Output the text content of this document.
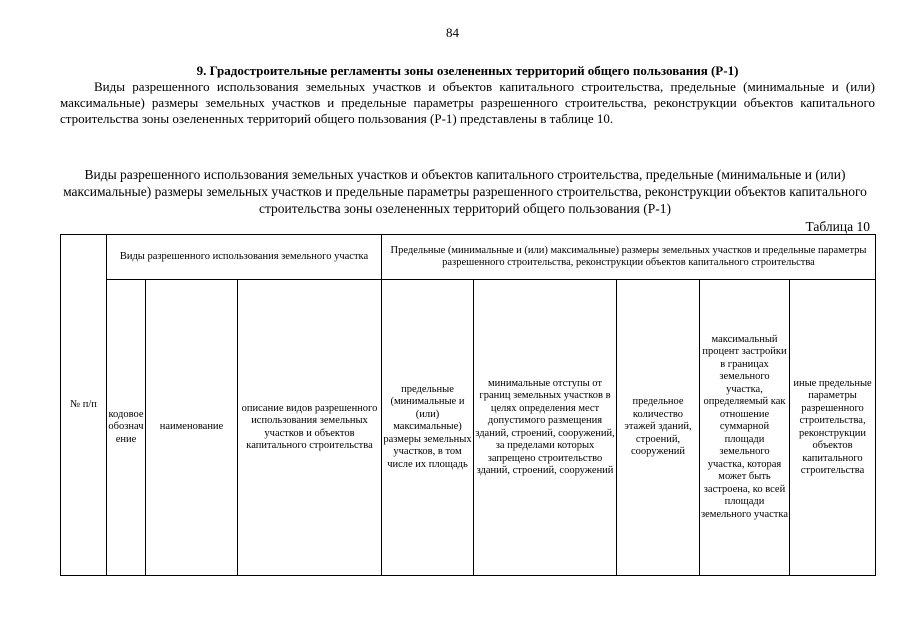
84
9. Градостроительные регламенты зоны озелененных территорий общего пользования (Р-1)
Виды разрешенного использования земельных участков и объектов капитального строительства, предельные (минимальные и (или) максимальные) размеры земельных участков и предельные параметры разрешенного строительства, реконструкции объектов капитального строительства зоны озелененных территорий общего пользования (Р-1) представлены в таблице 10.
Виды разрешенного использования земельных участков и объектов капитального строительства, предельные (минимальные и (или) максимальные) размеры земельных участков и предельные параметры разрешенного строительства, реконструкции объектов капитального строительства зоны озелененных территорий общего пользования (Р-1)
Таблица 10
№ п/п	Виды разрешенного использования земельного участка			Предельные (минимальные и (или) максимальные) размеры земельных участков и предельные параметры разрешенного строительства, реконструкции объектов капитального строительства				
	кодовое обозначение	наименование	описание видов разрешенного использования земельных участков и объектов капитального строительства	предельные (минимальные и (или) максимальные) размеры земельных участков, в том числе их площадь	минимальные отступы от границ земельных участков в целях определения мест допустимого размещения зданий, строений, сооружений, за пределами которых запрещено строительство зданий, строений, сооружений	предельное количество этажей зданий, строений, сооружений	максимальный процент застройки в границах земельного участка, определяемый как отношение суммарной площади земельного участка, которая может быть застроена, ко всей площади земельного участка	иные предельные параметры разрешенного строительства, реконструкции объектов капитального строительства
